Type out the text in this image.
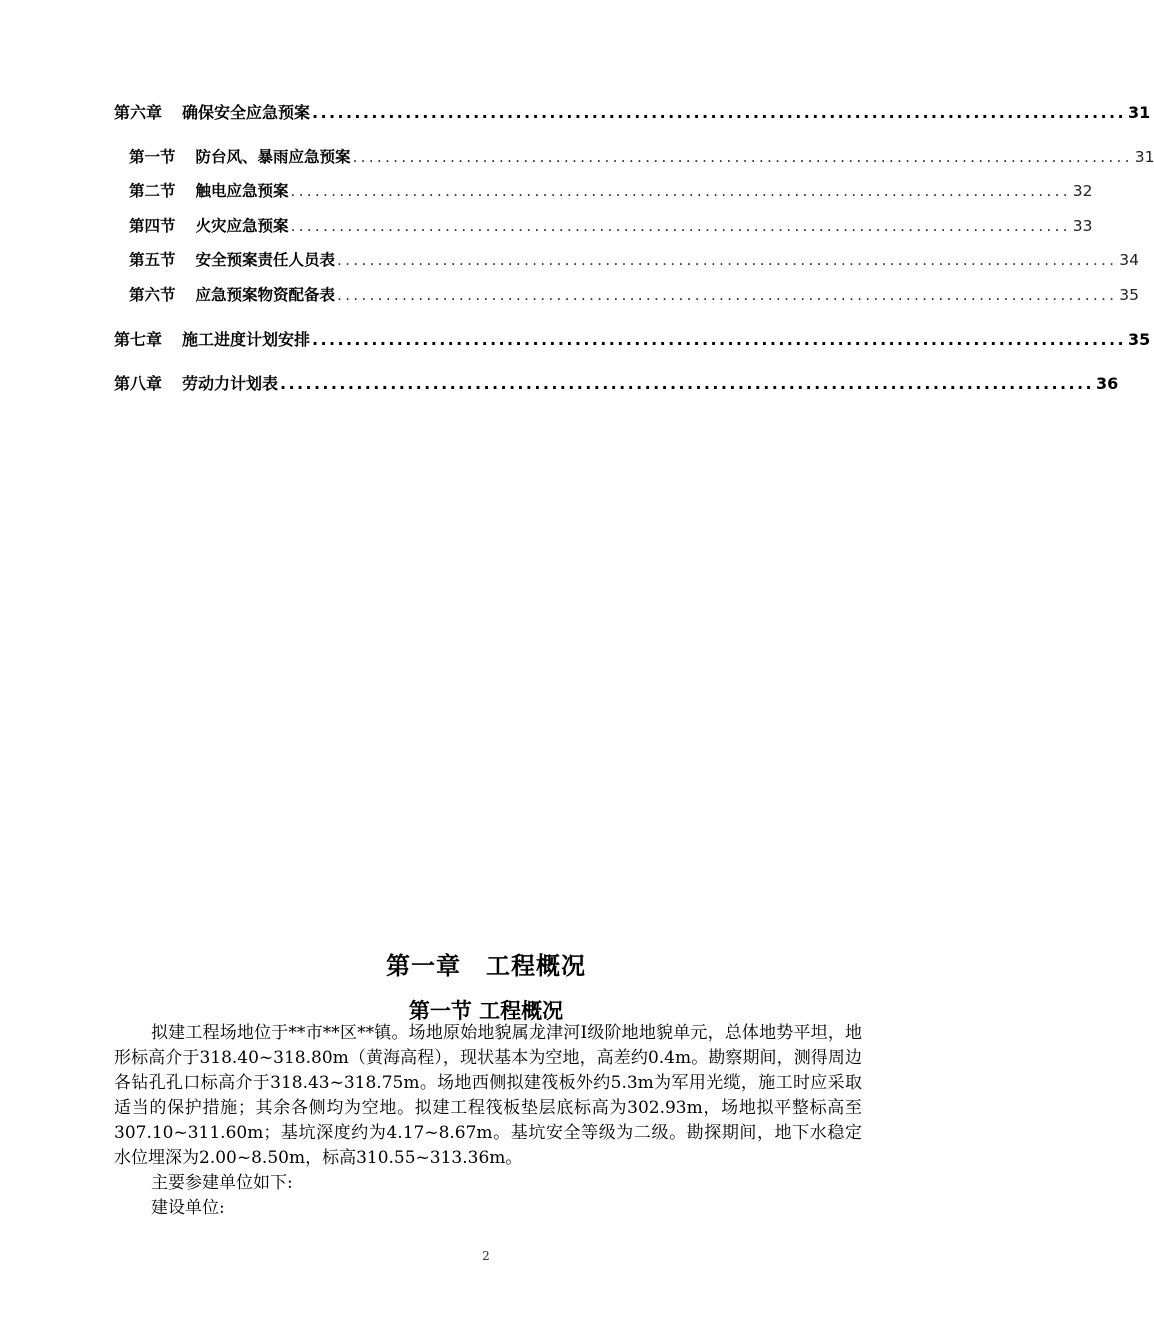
第六章 确保安全应急预案 ................................................................................................ 31
第一节 防台风、暴雨应急预案 ................................................................................................ 31
第二节 触电应急预案 ................................................................................................ 32
第四节 火灾应急预案 ................................................................................................ 33
第五节 安全预案责任人员表 ................................................................................................ 34
第六节 应急预案物资配备表 ................................................................................................ 35
第七章 施工进度计划安排 ................................................................................................ 35
第八章 劳动力计划表 ................................................................................................ 36
第一章　工程概况
第一节 工程概况

拟建工程场地位于**市**区**镇。场地原始地貌属龙津河Ⅰ级阶地地貌单元，总体地势平坦，地形标高介于318.40~318.80m（黄海高程），现状基本为空地，高差约0.4m。勘察期间，测得周边各钻孔孔口标高介于318.43~318.75m。场地西侧拟建筏板外约5.3m为军用光缆，施工时应采取适当的保护措施；其余各侧均为空地。拟建工程筏板垫层底标高为302.93m，场地拟平整标高至307.10~311.60m；基坑深度约为4.17~8.67m。基坑安全等级为二级。勘探期间，地下水稳定水位埋深为2.00~8.50m，标高310.55~313.36m。

主要参建单位如下:

建设单位:

2
